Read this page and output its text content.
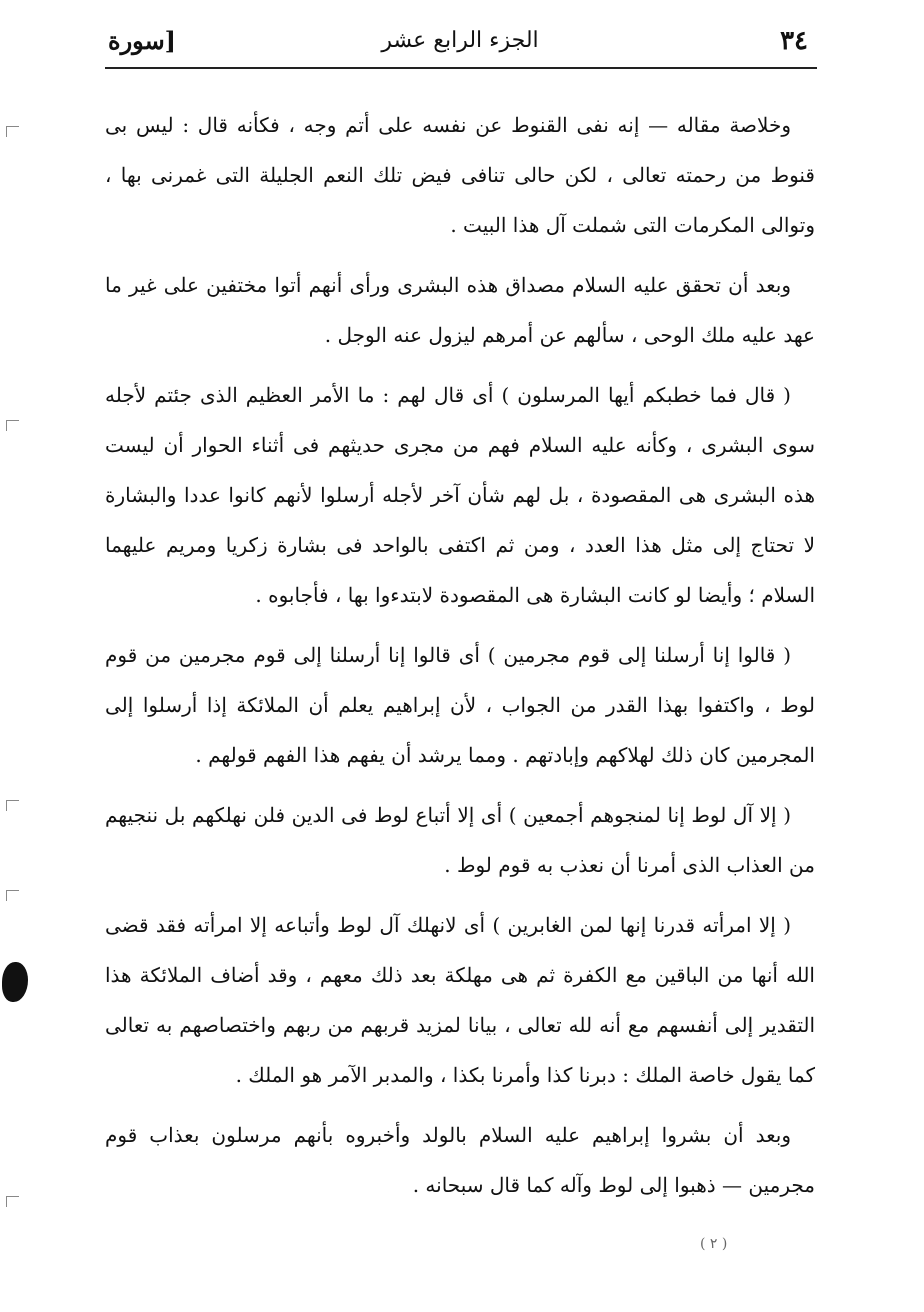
٣٤
الجزء الرابع عشر
سورة]

وخلاصة مقاله — إنه نفى القنوط عن نفسه على أتم وجه ، فكأنه قال : ليس بى قنوط من رحمته تعالى ، لكن حالى تنافى فيض تلك النعم الجليلة التى غمرنى بها ، وتوالى المكرمات التى شملت آل هذا البيت .

وبعد أن تحقق عليه السلام مصداق هذه البشرى ورأى أنهم أتوا مختفين على غير ما عهد عليه ملك الوحى ، سألهم عن أمرهم ليزول عنه الوجل .

( قال فما خطبكم أيها المرسلون ) أى قال لهم : ما الأمر العظيم الذى جئتم لأجله سوى البشرى ، وكأنه عليه السلام فهم من مجرى حديثهم فى أثناء الحوار أن ليست هذه البشرى هى المقصودة ، بل لهم شأن آخر لأجله أرسلوا لأنهم كانوا عددا والبشارة لا تحتاج إلى مثل هذا العدد ، ومن ثم اكتفى بالواحد فى بشارة زكريا ومريم عليهما السلام ؛ وأيضا لو كانت البشارة هى المقصودة لابتدءوا بها ، فأجابوه .

( قالوا إنا أرسلنا إلى قوم مجرمين ) أى قالوا إنا أرسلنا إلى قوم مجرمين من قوم لوط ، واكتفوا بهذا القدر من الجواب ، لأن إبراهيم يعلم أن الملائكة إذا أرسلوا إلى المجرمين كان ذلك لهلاكهم وإبادتهم . ومما يرشد أن يفهم هذا الفهم قولهم .

( إلا آل لوط إنا لمنجوهم أجمعين ) أى إلا أتباع لوط فى الدين فلن نهلكهم بل ننجيهم من العذاب الذى أمرنا أن نعذب به قوم لوط .

( إلا امرأته قدرنا إنها لمن الغابرين ) أى لانهلك آل لوط وأتباعه إلا امرأته فقد قضى الله أنها من الباقين مع الكفرة ثم هى مهلكة بعد ذلك معهم ، وقد أضاف الملائكة هذا التقدير إلى أنفسهم مع أنه لله تعالى ، بيانا لمزيد قربهم من ربهم واختصاصهم به تعالى كما يقول خاصة الملك : دبرنا كذا وأمرنا بكذا ، والمدبر الآمر هو الملك .

وبعد أن بشروا إبراهيم عليه السلام بالولد وأخبروه بأنهم مرسلون بعذاب قوم مجرمين — ذهبوا إلى لوط وآله كما قال سبحانه .

( ٢ )
